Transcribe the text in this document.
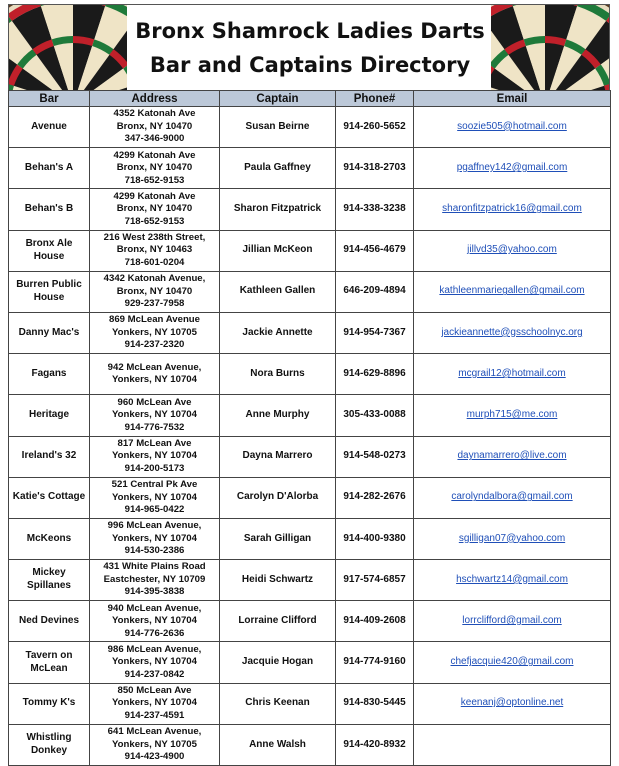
Bronx Shamrock Ladies Darts
Bar and Captains Directory
Bar	Address	Captain	Phone#	Email
Avenue	4352 Katonah Ave
Bronx, NY 10470
347-346-9000	Susan Beirne	914-260-5652	soozie505@hotmail.com
Behan's A	4299 Katonah Ave
Bronx, NY 10470
718-652-9153	Paula Gaffney	914-318-2703	pgaffney142@gmail.com
Behan's B	4299 Katonah Ave
Bronx, NY 10470
718-652-9153	Sharon Fitzpatrick	914-338-3238	sharonfitzpatrick16@gmail.com
Bronx Ale House	216 West 238th Street,
Bronx, NY 10463
718-601-0204	Jillian McKeon	914-456-4679	jillvd35@yahoo.com
Burren Public House	4342 Katonah Avenue,
Bronx, NY 10470
929-237-7958	Kathleen Gallen	646-209-4894	kathleenmariegallen@gmail.com
Danny Mac's	869 McLean Avenue
Yonkers, NY 10705
914-237-2320	Jackie Annette	914-954-7367	jackieannette@gsschoolnyc.org
Fagans	942 McLean Avenue,
Yonkers, NY 10704	Nora Burns	914-629-8896	mcgrail12@hotmail.com
Heritage	960 McLean Ave
Yonkers, NY 10704
914-776-7532	Anne Murphy	305-433-0088	murph715@me.com
Ireland's 32	817 McLean Ave
Yonkers, NY 10704
914-200-5173	Dayna Marrero	914-548-0273	daynamarrero@live.com
Katie's Cottage	521 Central Pk Ave
Yonkers, NY 10704
914-965-0422	Carolyn D'Alorba	914-282-2676	carolyndalbora@gmail.com
McKeons	996 McLean Avenue,
Yonkers, NY 10704
914-530-2386	Sarah Gilligan	914-400-9380	sgilligan07@yahoo.com
Mickey Spillanes	431 White Plains Road
Eastchester, NY 10709
914-395-3838	Heidi Schwartz	917-574-6857	hschwartz14@gmail.com
Ned Devines	940 McLean Avenue,
Yonkers, NY 10704
914-776-2636	Lorraine Clifford	914-409-2608	lorrclifford@gmail.com
Tavern on McLean	986 McLean Avenue,
Yonkers, NY 10704
914-237-0842	Jacquie Hogan	914-774-9160	chefjacquie420@gmail.com
Tommy K's	850 McLean Ave
Yonkers, NY 10704
914-237-4591	Chris Keenan	914-830-5445	keenanj@optonline.net
Whistling Donkey	641 McLean Avenue,
Yonkers, NY 10705
914-423-4900	Anne Walsh	914-420-8932	
